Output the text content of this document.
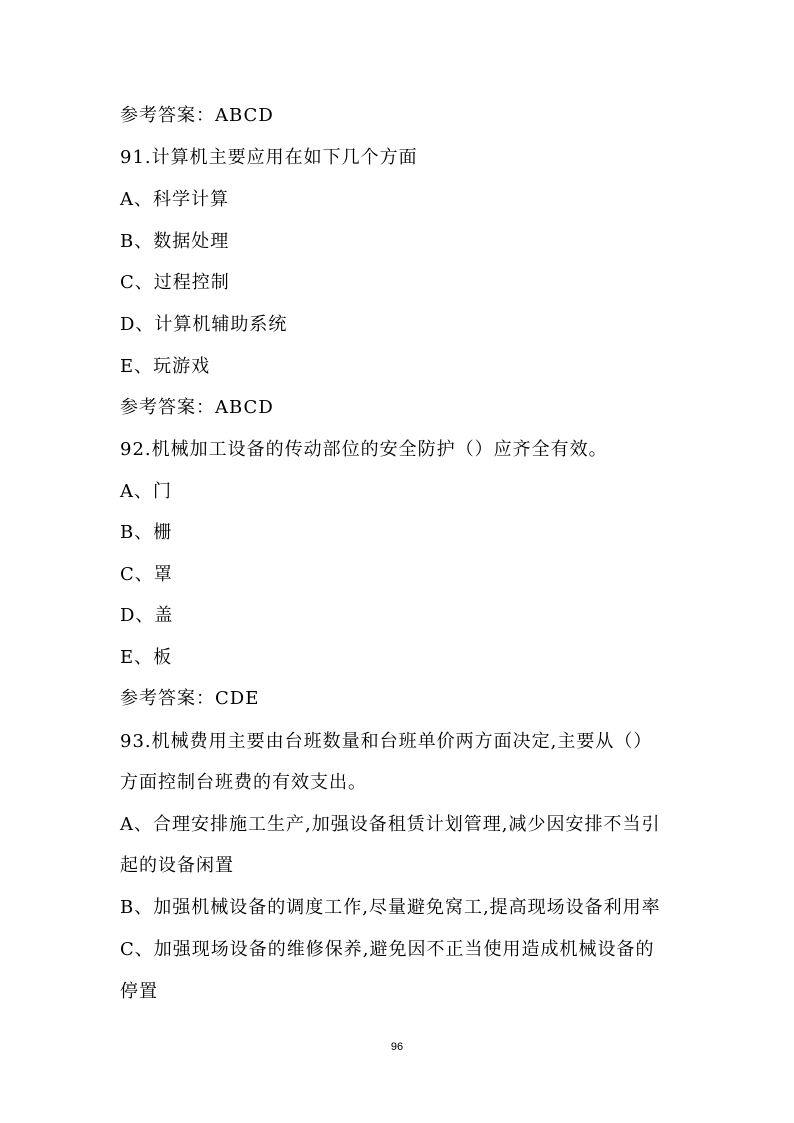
参考答案：ABCD
91.计算机主要应用在如下几个方面
A、科学计算
B、数据处理
C、过程控制
D、计算机辅助系统
E、玩游戏
参考答案：ABCD
92.机械加工设备的传动部位的安全防护（）应齐全有效。
A、门
B、栅
C、罩
D、盖
E、板
参考答案：CDE
93.机械费用主要由台班数量和台班单价两方面决定,主要从（）
方面控制台班费的有效支出。
A、合理安排施工生产,加强设备租赁计划管理,减少因安排不当引
起的设备闲置
B、加强机械设备的调度工作,尽量避免窝工,提高现场设备利用率
C、加强现场设备的维修保养,避免因不正当使用造成机械设备的
停置
96
